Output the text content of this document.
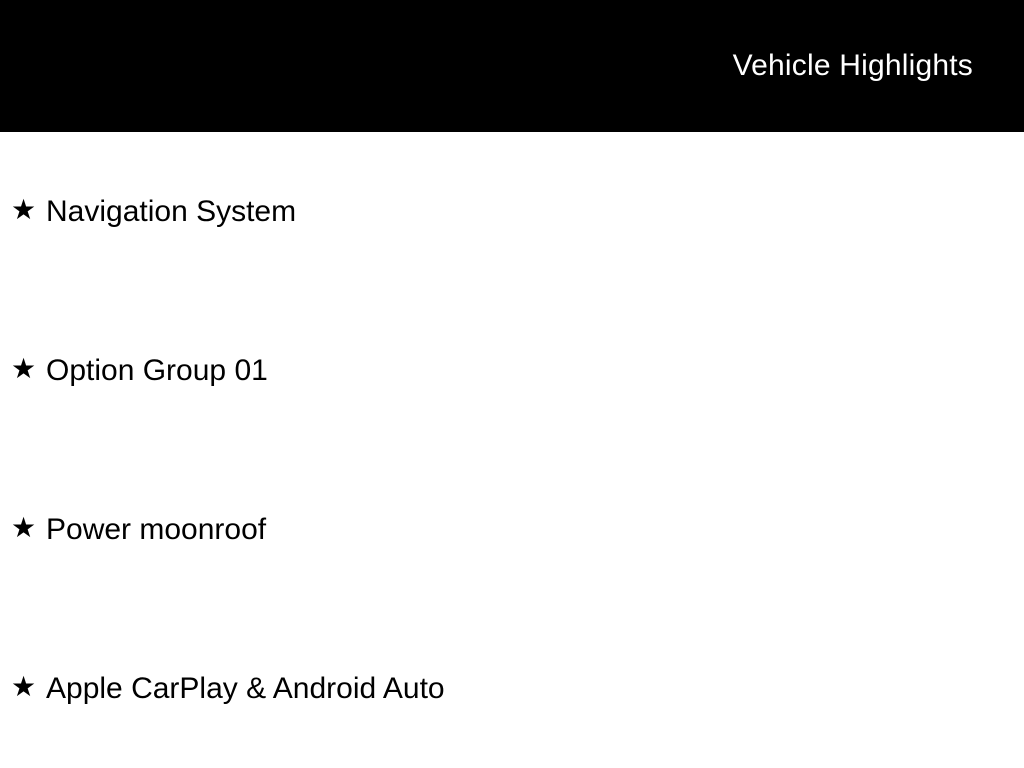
Vehicle Highlights
★ Navigation System
★ Option Group 01
★ Power moonroof
★ Apple CarPlay & Android Auto
